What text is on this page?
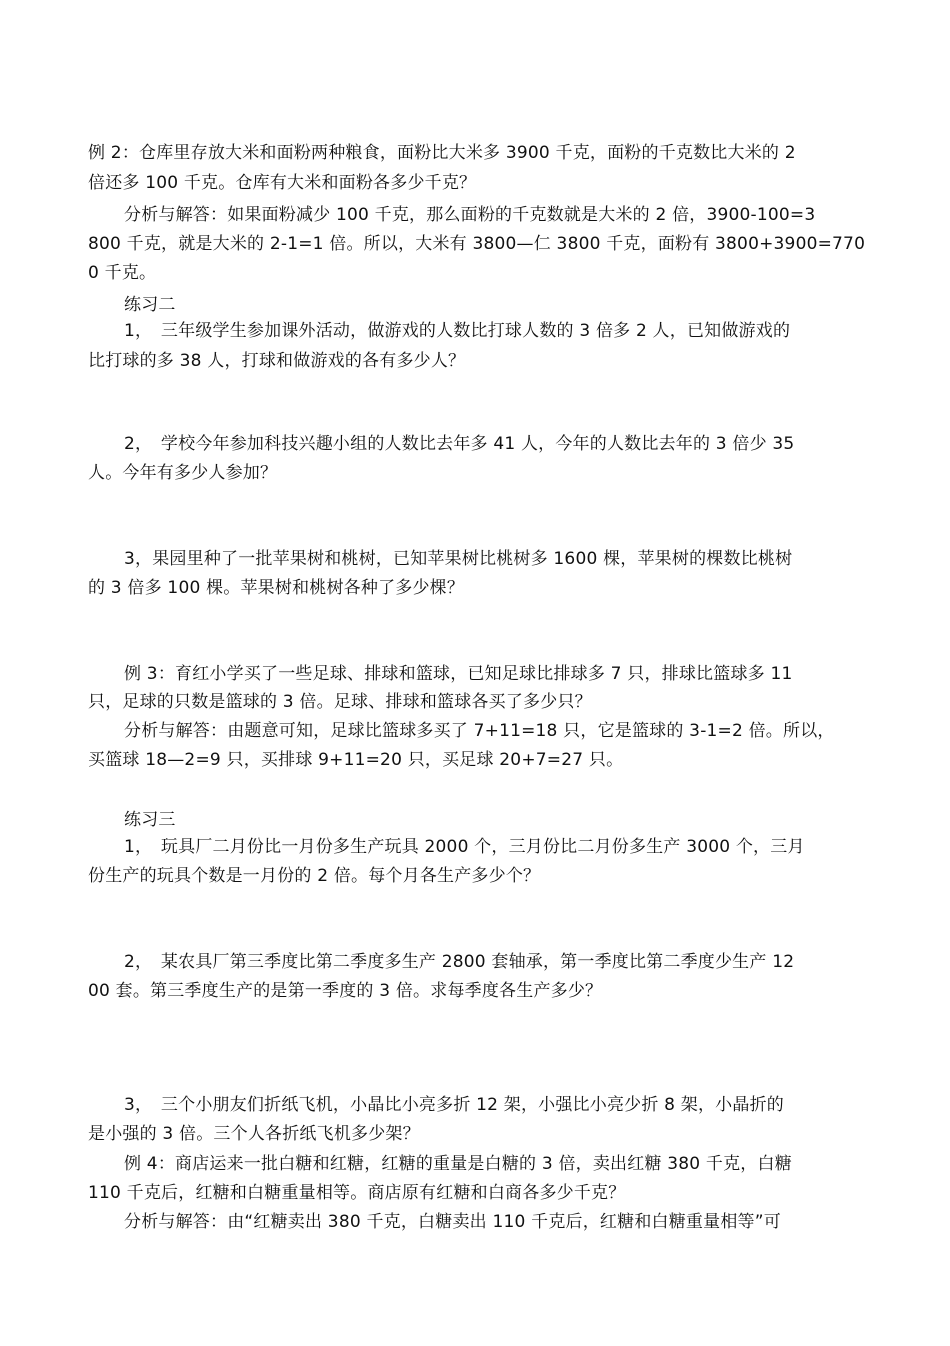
例 2：仓库里存放大米和面粉两种粮食，面粉比大米多 3900 千克，面粉的千克数比大米的 2
倍还多 100 千克。仓库有大米和面粉各多少千克？
分析与解答：如果面粉减少 100 千克，那么面粉的千克数就是大米的 2 倍，3900-100=3
800 千克，就是大米的 2-1=1 倍。所以，大米有 3800—仁 3800 千克，面粉有 3800+3900=770
0 千克。
练习二
1，　三年级学生参加课外活动，做游戏的人数比打球人数的 3 倍多 2 人，已知做游戏的
比打球的多 38 人，打球和做游戏的各有多少人？
2，　学校今年参加科技兴趣小组的人数比去年多 41 人，今年的人数比去年的 3 倍少 35
人。今年有多少人参加？
3，果园里种了一批苹果树和桃树，已知苹果树比桃树多 1600 棵，苹果树的棵数比桃树
的 3 倍多 100 棵。苹果树和桃树各种了多少棵？
例 3：育红小学买了一些足球、排球和篮球，已知足球比排球多 7 只，排球比篮球多 11
只，足球的只数是篮球的 3 倍。足球、排球和篮球各买了多少只？
分析与解答：由题意可知，足球比篮球多买了 7+11=18 只，它是篮球的 3-1=2 倍。所以，
买篮球 18—2=9 只，买排球 9+11=20 只，买足球 20+7=27 只。
练习三
1，　玩具厂二月份比一月份多生产玩具 2000 个，三月份比二月份多生产 3000 个，三月
份生产的玩具个数是一月份的 2 倍。每个月各生产多少个？
2，　某农具厂第三季度比第二季度多生产 2800 套轴承，第一季度比第二季度少生产 12
00 套。第三季度生产的是第一季度的 3 倍。求每季度各生产多少？
3，　三个小朋友们折纸飞机，小晶比小亮多折 12 架，小强比小亮少折 8 架，小晶折的
是小强的 3 倍。三个人各折纸飞机多少架？
例 4：商店运来一批白糖和红糖，红糖的重量是白糖的 3 倍，卖出红糖 380 千克，白糖
110 千克后，红糖和白糖重量相等。商店原有红糖和白商各多少千克？
分析与解答：由“红糖卖出 380 千克，白糖卖出 110 千克后，红糖和白糖重量相等”可
